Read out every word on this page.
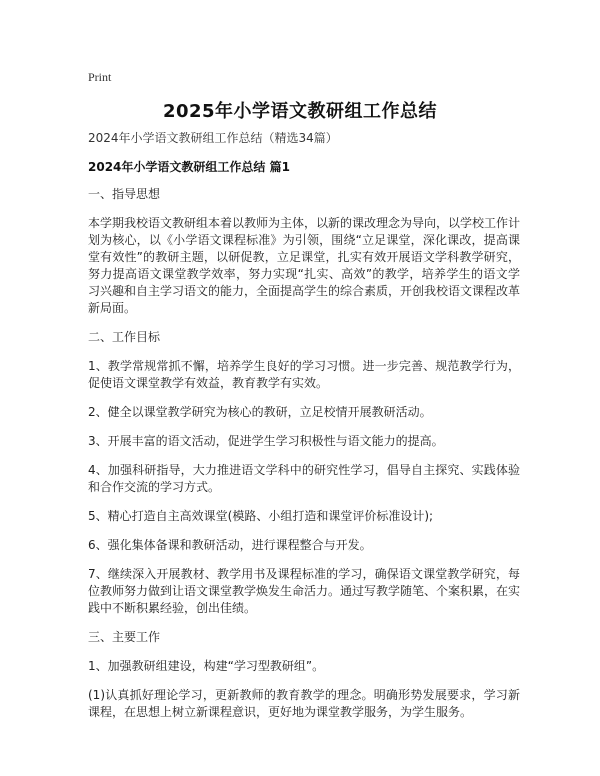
Print
2025年小学语文教研组工作总结

2024年小学语文教研组工作总结（精选34篇）

2024年小学语文教研组工作总结 篇1

一、指导思想

本学期我校语文教研组本着以教师为主体，以新的课改理念为导向，以学校工作计划为核心，以《小学语文课程标准》为引领，围绕“立足课堂，深化课改，提高课堂有效性”的教研主题，以研促教，立足课堂，扎实有效开展语文学科教学研究，努力提高语文课堂教学效率，努力实现“扎实、高效”的教学，培养学生的语文学习兴趣和自主学习语文的能力，全面提高学生的综合素质，开创我校语文课程改革新局面。

二、工作目标

1、教学常规常抓不懈，培养学生良好的学习习惯。进一步完善、规范教学行为，促使语文课堂教学有效益，教育教学有实效。

2、健全以课堂教学研究为核心的教研，立足校情开展教研活动。

3、开展丰富的语文活动，促进学生学习积极性与语文能力的提高。

4、加强科研指导，大力推进语文学科中的研究性学习，倡导自主探究、实践体验和合作交流的学习方式。

5、精心打造自主高效课堂(模路、小组打造和课堂评价标准设计);

6、强化集体备课和教研活动，进行课程整合与开发。

7、继续深入开展教材、教学用书及课程标准的学习，确保语文课堂教学研究，每位教师努力做到让语文课堂教学焕发生命活力。通过写教学随笔、个案积累，在实践中不断积累经验，创出佳绩。

三、主要工作

1、加强教研组建设，构建“学习型教研组”。

(1)认真抓好理论学习，更新教师的教育教学的理念。明确形势发展要求，学习新课程，在思想上树立新课程意识，更好地为课堂教学服务，为学生服务。
